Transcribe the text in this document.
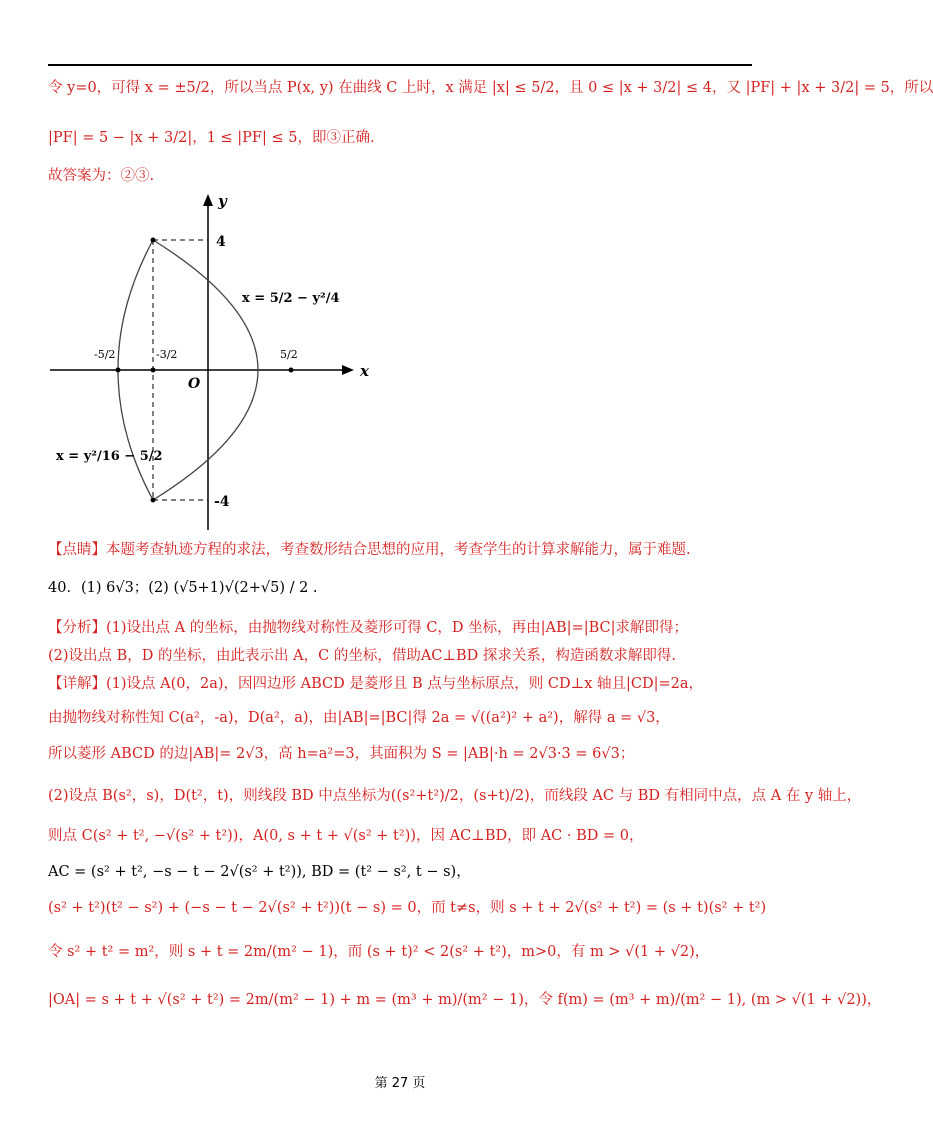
令 y=0，可得 x = ±5/2，所以当点 P(x, y) 在曲线 C 上时，x 满足 |x| ≤ 5/2，且 0 ≤ |x + 3/2| ≤ 4，又 |PF| + |x + 3/2| = 5，所以
|PF| = 5 − |x + 3/2|，1 ≤ |PF| ≤ 5，即③正确.
故答案为：②③.
y
x
O
4
-4
-5/2	-3/2	5/2
x = 5/2 − y²/4
x = y²/16 − 5/2
【点睛】本题考查轨迹方程的求法，考查数形结合思想的应用，考查学生的计算求解能力，属于难题.
40．(1) 6√3；(2) (√5+1)√(2+√5) / 2 .
【分析】(1)设出点 A 的坐标，由抛物线对称性及菱形可得 C，D 坐标，再由|AB|=|BC|求解即得；
(2)设出点 B，D 的坐标，由此表示出 A，C 的坐标，借助AC⊥BD 探求关系，构造函数求解即得.
【详解】(1)设点 A(0，2a)，因四边形 ABCD 是菱形且 B 点与坐标原点，则 CD⊥x 轴且|CD|=2a，
由抛物线对称性知 C(a²，-a)，D(a²，a)，由|AB|=|BC|得 2a = √((a²)² + a²)，解得 a = √3，
所以菱形 ABCD 的边|AB|= 2√3，高 h=a²=3，其面积为 S = |AB|·h = 2√3·3 = 6√3；
(2)设点 B(s²，s)，D(t²，t)，则线段 BD 中点坐标为((s²+t²)/2，(s+t)/2)，而线段 AC 与 BD 有相同中点，点 A 在 y 轴上，
则点 C(s² + t², −√(s² + t²))，A(0, s + t + √(s² + t²))，因 AC⊥BD，即 AC · BD = 0，
AC = (s² + t², −s − t − 2√(s² + t²)), BD = (t² − s², t − s)，
(s² + t²)(t² − s²) + (−s − t − 2√(s² + t²))(t − s) = 0，而 t≠s，则 s + t + 2√(s² + t²) = (s + t)(s² + t²)
令 s² + t² = m²，则 s + t = 2m/(m² − 1)，而 (s + t)² < 2(s² + t²)，m>0，有 m > √(1 + √2)，
|OA| = s + t + √(s² + t²) = 2m/(m² − 1) + m = (m³ + m)/(m² − 1)，令 f(m) = (m³ + m)/(m² − 1), (m > √(1 + √2))，
第 27 页
